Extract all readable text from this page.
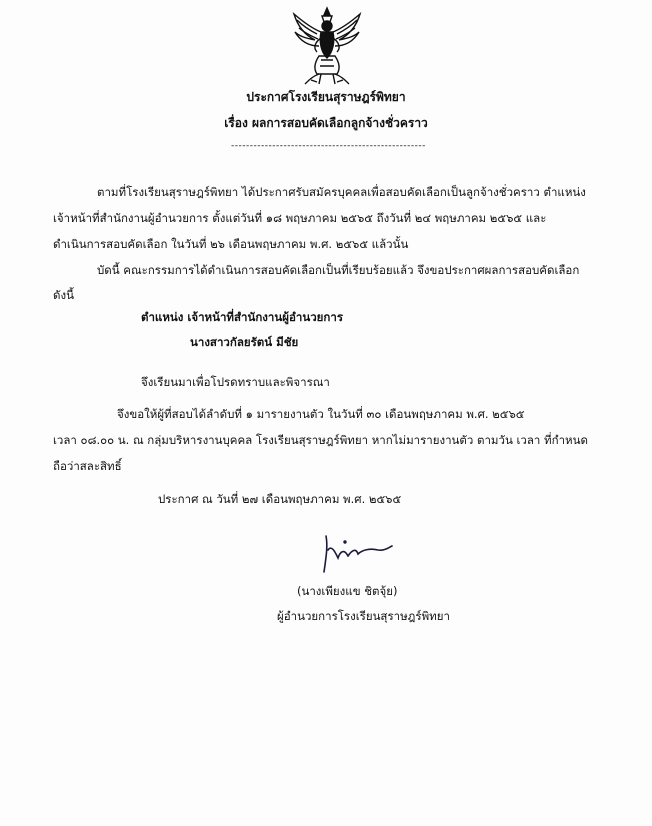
ประกาศโรงเรียนสุราษฎร์พิทยา
เรื่อง ผลการสอบคัดเลือกลูกจ้างชั่วคราว
----------------------------------------------------
ตามที่โรงเรียนสุราษฎร์พิทยา ได้ประกาศรับสมัครบุคคลเพื่อสอบคัดเลือกเป็นลูกจ้างชั่วคราว ตำแหน่ง
เจ้าหน้าที่สำนักงานผู้อำนวยการ ตั้งแต่วันที่ ๑๘ พฤษภาคม ๒๕๖๕ ถึงวันที่ ๒๔ พฤษภาคม ๒๕๖๕ และ
ดำเนินการสอบคัดเลือก ในวันที่ ๒๖ เดือนพฤษภาคม พ.ศ. ๒๕๖๕ แล้วนั้น
บัดนี้ คณะกรรมการได้ดำเนินการสอบคัดเลือกเป็นที่เรียบร้อยแล้ว จึงขอประกาศผลการสอบคัดเลือก
ดังนี้
ตำแหน่ง เจ้าหน้าที่สำนักงานผู้อำนวยการ
นางสาวกัลยรัตน์ มีชัย
จึงเรียนมาเพื่อโปรดทราบและพิจารณา
จึงขอให้ผู้ที่สอบได้ลำดับที่ ๑ มารายงานตัว ในวันที่ ๓๐ เดือนพฤษภาคม พ.ศ. ๒๕๖๕
เวลา ๐๘.๐๐ น. ณ กลุ่มบริหารงานบุคคล โรงเรียนสุราษฎร์พิทยา หากไม่มารายงานตัว ตามวัน เวลา ที่กำหนด
ถือว่าสละสิทธิ์
ประกาศ ณ วันที่ ๒๗ เดือนพฤษภาคม พ.ศ. ๒๕๖๕
(นางเพียงแข ชิตจุ้ย)
ผู้อำนวยการโรงเรียนสุราษฎร์พิทยา
